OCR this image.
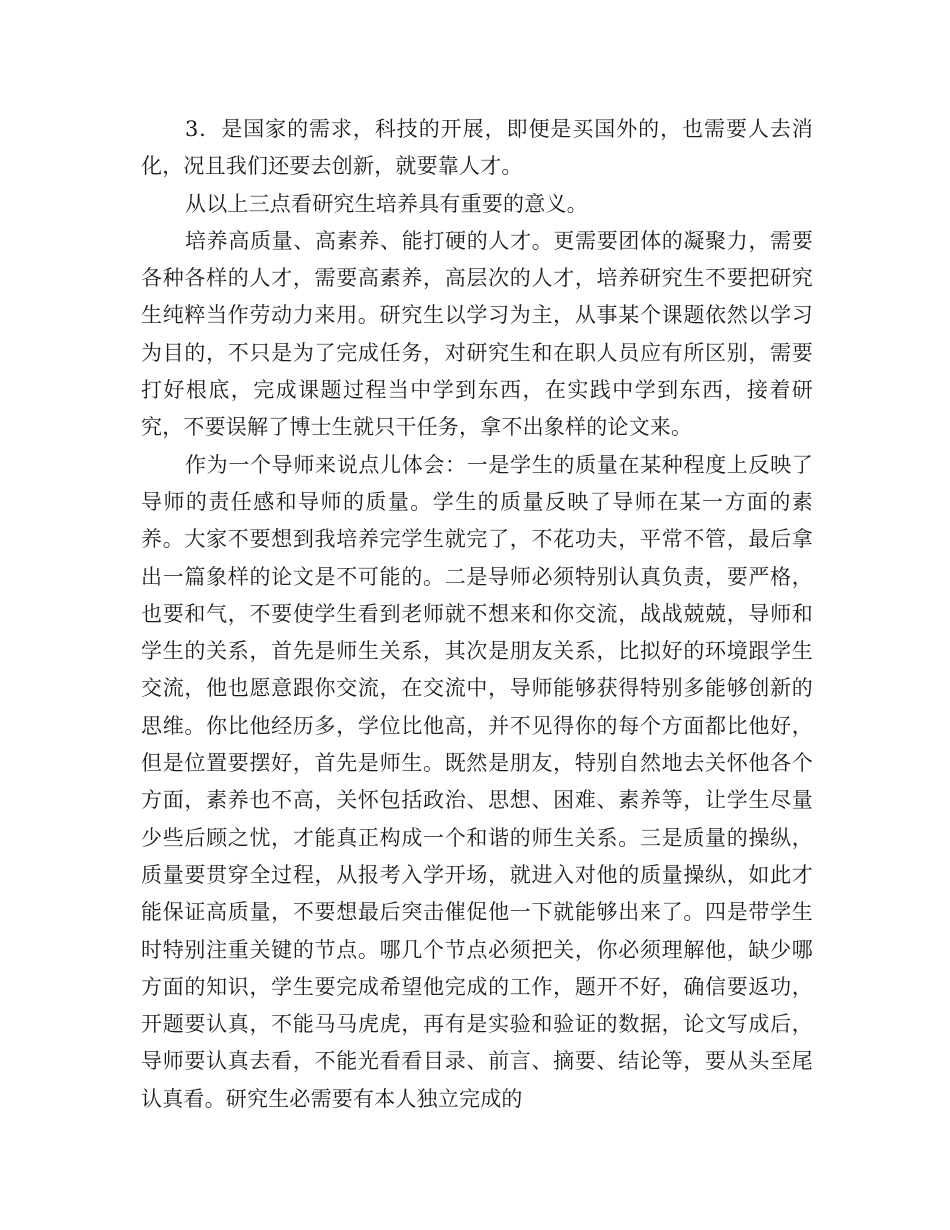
3．是国家的需求，科技的开展，即便是买国外的，也需要人去消化，况且我们还要去创新，就要靠人才。

从以上三点看研究生培养具有重要的意义。

培养高质量、高素养、能打硬的人才。更需要团体的凝聚力，需要各种各样的人才，需要高素养，高层次的人才，培养研究生不要把研究生纯粹当作劳动力来用。研究生以学习为主，从事某个课题依然以学习为目的，不只是为了完成任务，对研究生和在职人员应有所区别，需要打好根底，完成课题过程当中学到东西，在实践中学到东西，接着研究，不要误解了博士生就只干任务，拿不出象样的论文来。

作为一个导师来说点儿体会：一是学生的质量在某种程度上反映了导师的责任感和导师的质量。学生的质量反映了导师在某一方面的素养。大家不要想到我培养完学生就完了，不花功夫，平常不管，最后拿出一篇象样的论文是不可能的。二是导师必须特别认真负责，要严格，也要和气，不要使学生看到老师就不想来和你交流，战战兢兢，导师和学生的关系，首先是师生关系，其次是朋友关系，比拟好的环境跟学生交流，他也愿意跟你交流，在交流中，导师能够获得特别多能够创新的思维。你比他经历多，学位比他高，并不见得你的每个方面都比他好，但是位置要摆好，首先是师生。既然是朋友，特别自然地去关怀他各个方面，素养也不高，关怀包括政治、思想、困难、素养等，让学生尽量少些后顾之忧，才能真正构成一个和谐的师生关系。三是质量的操纵，质量要贯穿全过程，从报考入学开场，就进入对他的质量操纵，如此才能保证高质量，不要想最后突击催促他一下就能够出来了。四是带学生时特别注重关键的节点。哪几个节点必须把关，你必须理解他，缺少哪方面的知识，学生要完成希望他完成的工作，题开不好，确信要返功，开题要认真，不能马马虎虎，再有是实验和验证的数据，论文写成后，导师要认真去看，不能光看看目录、前言、摘要、结论等，要从头至尾认真看。研究生必需要有本人独立完成的
